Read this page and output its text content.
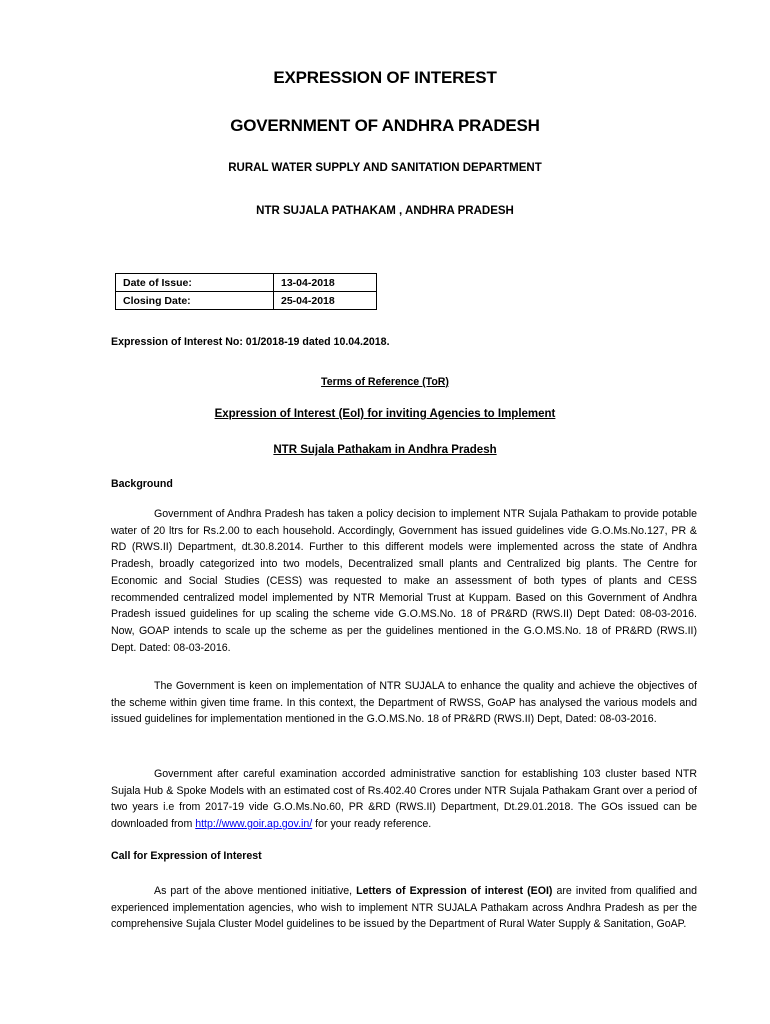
EXPRESSION OF INTEREST
GOVERNMENT OF ANDHRA PRADESH
RURAL WATER SUPPLY AND SANITATION DEPARTMENT
NTR SUJALA PATHAKAM , ANDHRA PRADESH
Date of Issue:	13-04-2018
Closing Date:	25-04-2018
Expression of Interest No: 01/2018-19 dated 10.04.2018.
Terms of Reference (ToR)
Expression of Interest (EoI) for inviting Agencies to Implement
NTR Sujala Pathakam in Andhra Pradesh
Background
Government of Andhra Pradesh has taken a policy decision to implement NTR Sujala Pathakam to provide potable water of 20 ltrs for Rs.2.00 to each household. Accordingly, Government has issued guidelines vide G.O.Ms.No.127, PR & RD (RWS.II) Department, dt.30.8.2014. Further to this different models were implemented across the state of Andhra Pradesh, broadly categorized into two models, Decentralized small plants and Centralized big plants. The Centre for Economic and Social Studies (CESS) was requested to make an assessment of both types of plants and CESS recommended centralized model implemented by NTR Memorial Trust at Kuppam. Based on this Government of Andhra Pradesh issued guidelines for up scaling the scheme vide G.O.MS.No. 18 of PR&RD (RWS.II) Dept Dated: 08-03-2016. Now, GOAP intends to scale up the scheme as per the guidelines mentioned in the G.O.MS.No. 18 of PR&RD (RWS.II) Dept. Dated: 08-03-2016.
The Government is keen on implementation of NTR SUJALA to enhance the quality and achieve the objectives of the scheme within given time frame. In this context, the Department of RWSS, GoAP has analysed the various models and issued guidelines for implementation mentioned in the G.O.MS.No. 18 of PR&RD (RWS.II) Dept, Dated: 08-03-2016.
Government after careful examination accorded administrative sanction for establishing 103 cluster based NTR Sujala Hub & Spoke Models with an estimated cost of Rs.402.40 Crores under NTR Sujala Pathakam Grant over a period of two years i.e from 2017-19 vide G.O.Ms.No.60, PR &RD (RWS.II) Department, Dt.29.01.2018. The GOs issued can be downloaded from http://www.goir.ap.gov.in/ for your ready reference.
Call for Expression of Interest
As part of the above mentioned initiative, Letters of Expression of interest (EOI) are invited from qualified and experienced implementation agencies, who wish to implement NTR SUJALA Pathakam across Andhra Pradesh as per the comprehensive Sujala Cluster Model guidelines to be issued by the Department of Rural Water Supply & Sanitation, GoAP.
